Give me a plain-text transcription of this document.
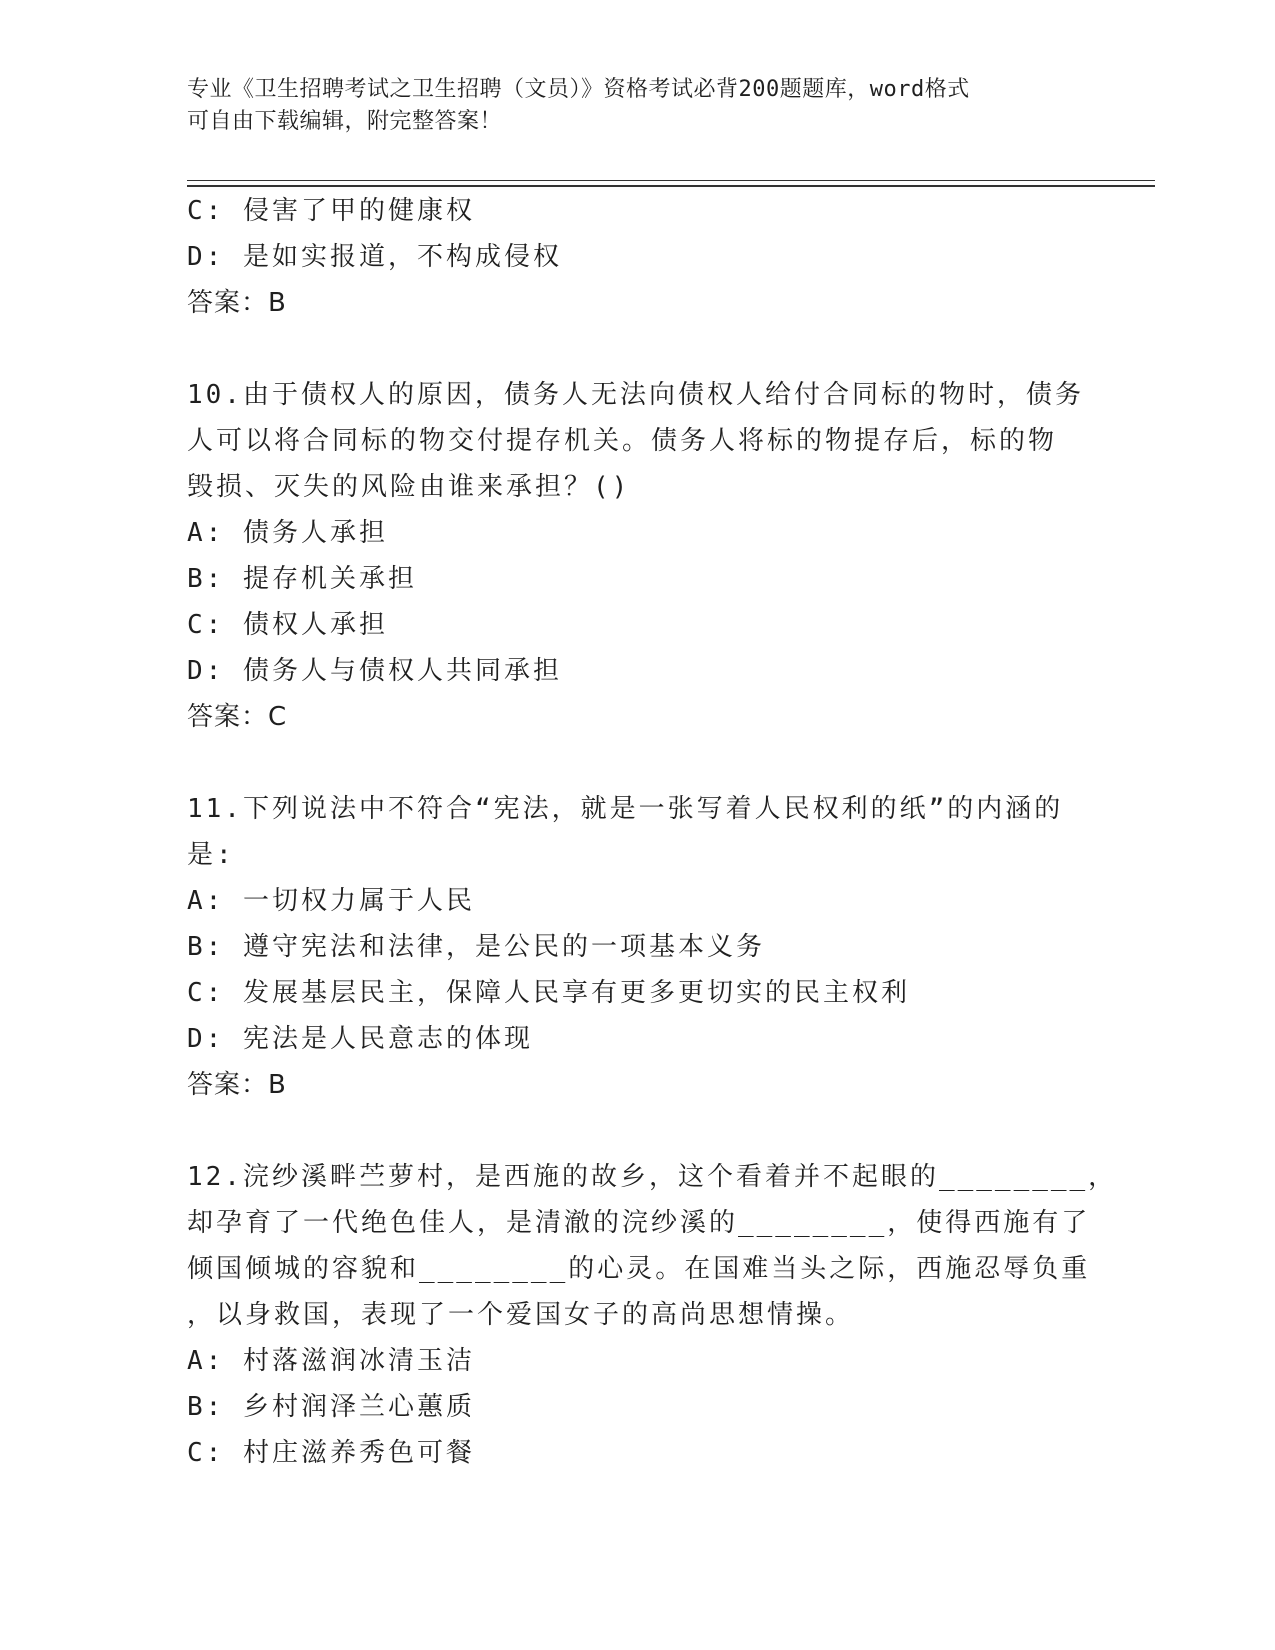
专业《卫生招聘考试之卫生招聘（文员）》资格考试必背200题题库，word格式
可自由下载编辑，附完整答案！
C: 侵害了甲的健康权
D: 是如实报道，不构成侵权
答案：B
10.由于债权人的原因，债务人无法向债权人给付合同标的物时，债务
人可以将合同标的物交付提存机关。债务人将标的物提存后，标的物
毁损、灭失的风险由谁来承担？()
A: 债务人承担
B: 提存机关承担
C: 债权人承担
D: 债务人与债权人共同承担
答案：C
11.下列说法中不符合“宪法，就是一张写着人民权利的纸”的内涵的
是:
A: 一切权力属于人民
B: 遵守宪法和法律，是公民的一项基本义务
C: 发展基层民主，保障人民享有更多更切实的民主权利
D: 宪法是人民意志的体现
答案：B
12.浣纱溪畔苎萝村，是西施的故乡，这个看着并不起眼的________，
却孕育了一代绝色佳人，是清澈的浣纱溪的________，使得西施有了
倾国倾城的容貌和________的心灵。在国难当头之际，西施忍辱负重
，以身救国，表现了一个爱国女子的高尚思想情操。
A: 村落滋润冰清玉洁
B: 乡村润泽兰心蕙质
C: 村庄滋养秀色可餐
